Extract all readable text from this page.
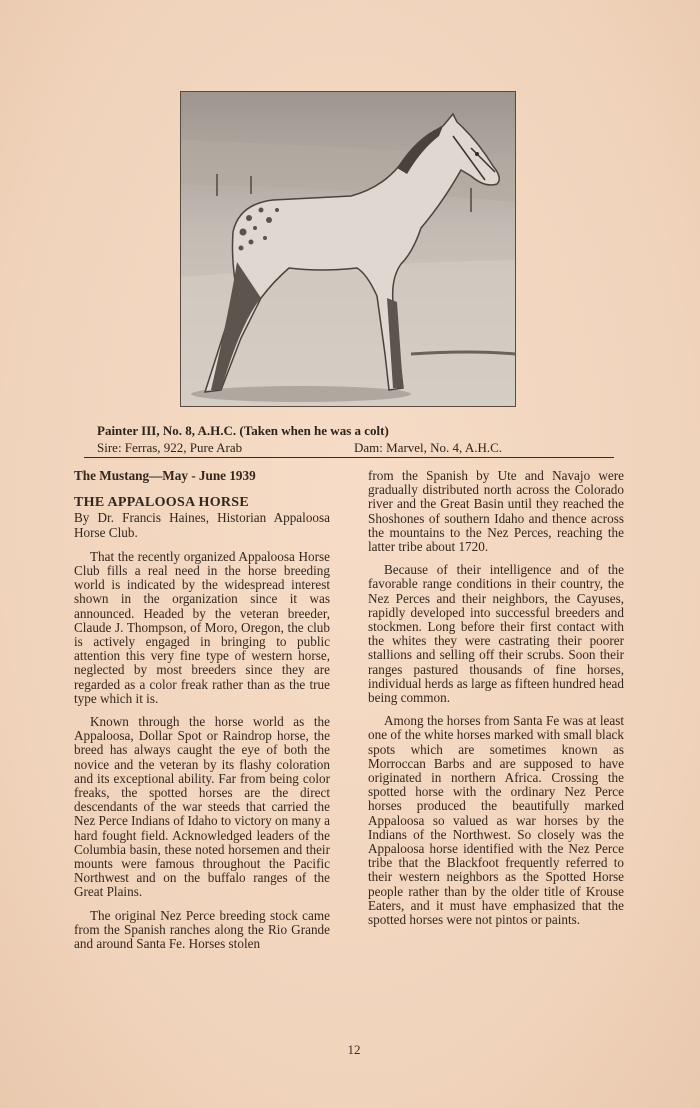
Painter III, No. 8, A.H.C. (Taken when he was a colt)
Sire: Ferras, 922, Pure Arab	Dam: Marvel, No. 4, A.H.C.
The Mustang—May - June 1939
THE APPALOOSA HORSE
By Dr. Francis Haines, Historian Appaloosa Horse Club.

That the recently organized Appaloosa Horse Club fills a real need in the horse breeding world is indicated by the widespread interest shown in the organization since it was announced. Headed by the veteran breeder, Claude J. Thompson, of Moro, Oregon, the club is actively engaged in bringing to public attention this very fine type of western horse, neglected by most breeders since they are regarded as a color freak rather than as the true type which it is.

Known through the horse world as the Appaloosa, Dollar Spot or Raindrop horse, the breed has always caught the eye of both the novice and the veteran by its flashy coloration and its exceptional ability. Far from being color freaks, the spotted horses are the direct descendants of the war steeds that carried the Nez Perce Indians of Idaho to victory on many a hard fought field. Acknowledged leaders of the Columbia basin, these noted horsemen and their mounts were famous throughout the Pacific Northwest and on the buffalo ranges of the Great Plains.

The original Nez Perce breeding stock came from the Spanish ranches along the Rio Grande and around Santa Fe. Horses stolen

from the Spanish by Ute and Navajo were gradually distributed north across the Colorado river and the Great Basin until they reached the Shoshones of southern Idaho and thence across the mountains to the Nez Perces, reaching the latter tribe about 1720.

Because of their intelligence and of the favorable range conditions in their country, the Nez Perces and their neighbors, the Cayuses, rapidly developed into successful breeders and stockmen. Long before their first contact with the whites they were castrating their poorer stallions and selling off their scrubs. Soon their ranges pastured thousands of fine horses, individual herds as large as fifteen hundred head being common.

Among the horses from Santa Fe was at least one of the white horses marked with small black spots which are sometimes known as Morroccan Barbs and are supposed to have originated in northern Africa. Crossing the spotted horse with the ordinary Nez Perce horses produced the beautifully marked Appaloosa so valued as war horses by the Indians of the Northwest. So closely was the Appaloosa horse identified with the Nez Perce tribe that the Blackfoot frequently referred to their western neighbors as the Spotted Horse people rather than by the older title of Krouse Eaters, and it must have emphasized that the spotted horses were not pintos or paints.

12
